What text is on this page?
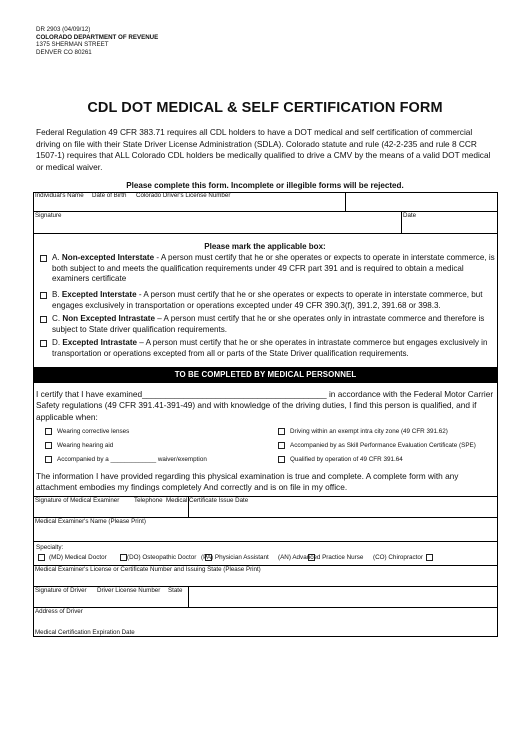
DR 2903 (04/09/12)
COLORADO DEPARTMENT OF REVENUE
1375 SHERMAN STREET
DENVER CO 80261
CDL DOT MEDICAL & SELF CERTIFICATION FORM
Federal Regulation 49 CFR 383.71 requires all CDL holders to have a DOT medical and self certification of commercial driving on file with their State Driver License Administration (SDLA). Colorado statute and rule (42-2-235 and rule 8 CCR 1507-1) requires that ALL Colorado CDL holders be medically qualified to drive a CMV by the means of a valid DOT medical or medical waiver.
Please complete this form. Incomplete or illegible forms will be rejected.
Individual's Name Date of Birth Colorado Driver's License Number
Signature	Date
Please mark the applicable box:
A. Non-excepted Interstate - A person must certify that he or she operates or expects to operate in interstate commerce, is both subject to and meets the qualification requirements under 49 CFR part 391 and is required to obtain a medical examiners certificate
B. Excepted Interstate - A person must certify that he or she operates or expects to operate in interstate commerce, but engages exclusively in transportation or operations excepted under 49 CFR 390.3(f), 391.2, 391.68 or 398.3.
C. Non Excepted Intrastate – A person must certify that he or she operates only in intrastate commerce and therefore is subject to State driver qualification requirements.
D. Excepted Intrastate – A person must certify that he or she operates in intrastate commerce but engages exclusively in transportation or operations excepted from all or parts of the State Driver qualification requirements.
TO BE COMPLETED BY MEDICAL PERSONNEL
I certify that I have examined________________________________________ in accordance with the Federal Motor Carrier Safety regulations (49 CFR 391.41-391-49) and with knowledge of the driving duties, I find this person is qualified, and if applicable when:
Wearing corrective lenses
Wearing hearing aid
Accompanied by a _____________ waiver/exemption
Driving within an exempt intra city zone (49 CFR 391.62)
Accompanied by as Skill Performance Evaluation Certificate (SPE)
Qualified by operation of 49 CFR 391.64
The information I have provided regarding this physical examination is true and complete. A complete form with any attachment embodies my findings completely And correctly and is on file in my office.
Signature of Medical Examiner Telephone Medical Certificate Issue Date
Medical Examiner's Name (Please Print)
Specialty:
(MD) Medical Doctor	(DO) Osteopathic Doctor (PA) Physician Assistant (AN) Advanced Practice Nurse (CO) Chiropractor
Medical Examiner's License or Certificate Number and Issuing State (Please Print)
Signature of Driver Driver License Number State
Address of Driver
Medical Certification Expiration Date
